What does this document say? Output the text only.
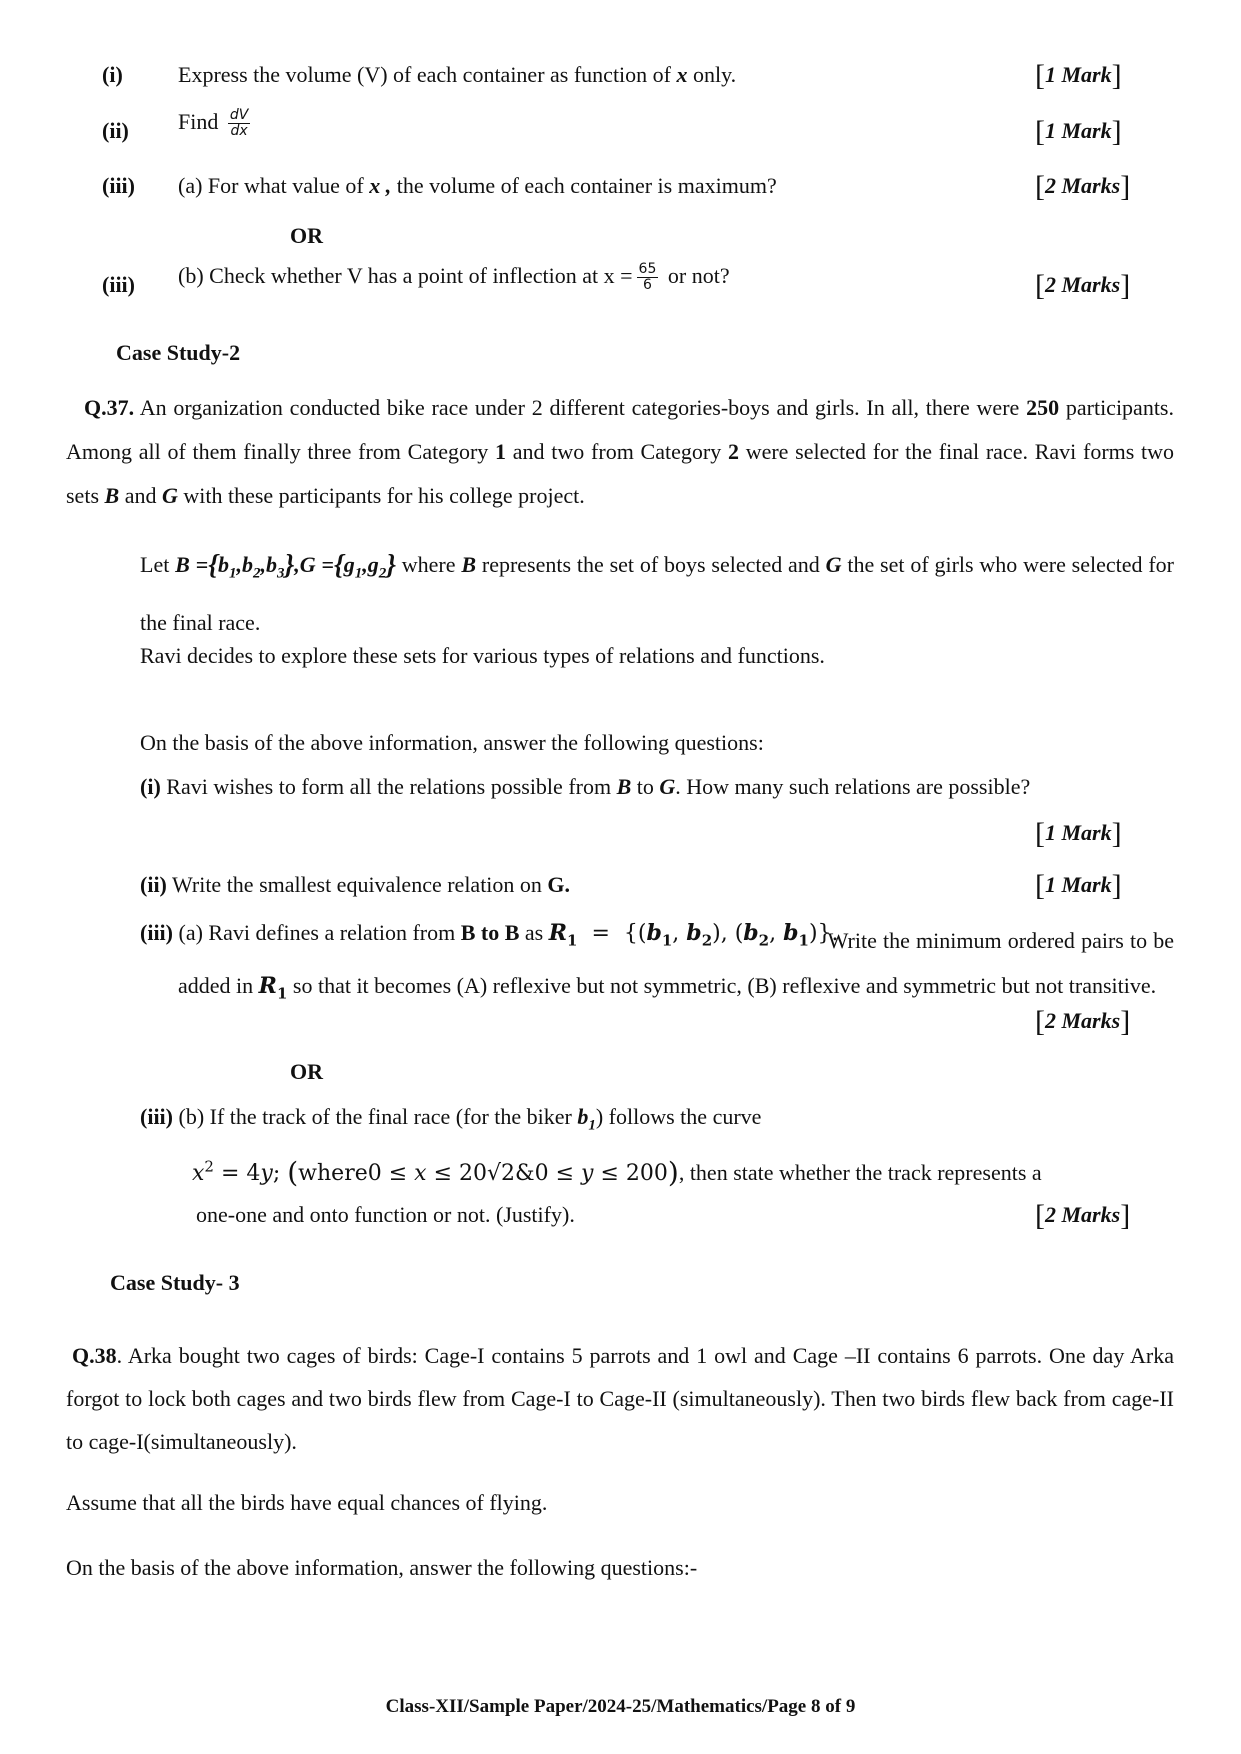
(i)	Express the volume (V) of each container as function of x only.	[1 Mark]
(ii) Find $\frac{dV}{dx}$	[1 Mark]
(iii) (a) For what value of x , the volume of each container is maximum?	[2 Marks]
OR
(iii) (b) Check whether V has a point of inflection at $x = \frac{65}{6}$ or not?	[2 Marks]
Case Study-2
Q.37. An organization conducted bike race under 2 different categories-boys and girls. In all, there were 250 participants. Among all of them finally three from Category 1 and two from Category 2 were selected for the final race. Ravi forms two sets B and G with these participants for his college project.
Let $B =\{b_1,b_2,b_3\},G =\{g_1,g_2\}$ where B represents the set of boys selected and G the set of girls who were selected for the final race.
Ravi decides to explore these sets for various types of relations and functions.
On the basis of the above information, answer the following questions:
(i) Ravi wishes to form all the relations possible from B to G. How many such relations are possible?
[1 Mark]
(ii) Write the smallest equivalence relation on G.	[1 Mark]
(iii) (a) Ravi defines a relation from B to B as $R_1 = \{(b_1$, $b_2$), ($b_2$, $b_1$)}.
Write the minimum ordered pairs to be added in $R_1$ so that it becomes (A) reflexive but not symmetric, (B) reflexive and symmetric but not transitive.
[2 Marks]
OR
(iii) (b) If the track of the final race (for the biker $b_1$) follows the curve
$x^2 = 4y$; (where0 ≤ x ≤ 20√2&0 ≤ y ≤ 200), then state whether the track represents a
one-one and onto function or not. (Justify).	[2 Marks]
Case Study- 3
Q.38. Arka bought two cages of birds: Cage-I contains 5 parrots and 1 owl and Cage –II contains 6 parrots. One day Arka forgot to lock both cages and two birds flew from Cage-I to Cage-II (simultaneously). Then two birds flew back from cage-II to cage-I(simultaneously).
Assume that all the birds have equal chances of flying.
On the basis of the above information, answer the following questions:-
Class-XII/Sample Paper/2024-25/Mathematics/Page 8 of 9
